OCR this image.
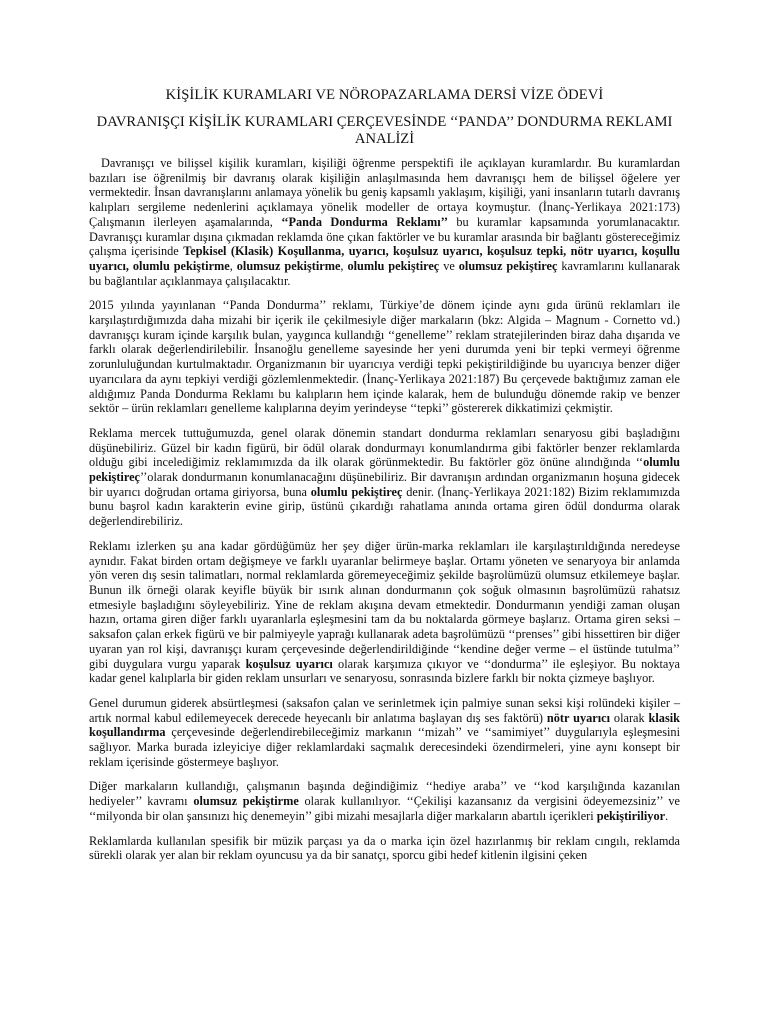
KİŞİLİK KURAMLARI VE NÖROPAZARLAMA DERSİ VİZE ÖDEVİ
DAVRANIŞÇI KİŞİLİK KURAMLARI ÇERÇEVESİNDE ‘‘PANDA’’ DONDURMA REKLAMI ANALİZİ

Davranışçı ve bilişsel kişilik kuramları, kişiliği öğrenme perspektifi ile açıklayan kuramlardır. Bu kuramlardan bazıları ise öğrenilmiş bir davranış olarak kişiliğin anlaşılmasında hem davranışçı hem de bilişsel öğelere yer vermektedir. İnsan davranışlarını anlamaya yönelik bu geniş kapsamlı yaklaşım, kişiliği, yani insanların tutarlı davranış kalıpları sergileme nedenlerini açıklamaya yönelik modeller de ortaya koymuştur. (İnanç-Yerlikaya 2021:173) Çalışmanın ilerleyen aşamalarında, ‘‘Panda Dondurma Reklamı’’ bu kuramlar kapsamında yorumlanacaktır. Davranışçı kuramlar dışına çıkmadan reklamda öne çıkan faktörler ve bu kuramlar arasında bir bağlantı göstereceğimiz çalışma içerisinde Tepkisel (Klasik) Koşullanma, uyarıcı, koşulsuz uyarıcı, koşulsuz tepki, nötr uyarıcı, koşullu uyarıcı, olumlu pekiştirme, olumsuz pekiştirme, olumlu pekiştireç ve olumsuz pekiştireç kavramlarını kullanarak bu bağlantılar açıklanmaya çalışılacaktır.

2015 yılında yayınlanan ‘‘Panda Dondurma’’ reklamı, Türkiye’de dönem içinde aynı gıda ürünü reklamları ile karşılaştırdığımızda daha mizahi bir içerik ile çekilmesiyle diğer markaların (bkz: Algida – Magnum - Cornetto vd.) davranışçı kuram içinde karşılık bulan, yaygınca kullandığı ‘‘genelleme’’ reklam stratejilerinden biraz daha dışarıda ve farklı olarak değerlendirilebilir. İnsanoğlu genelleme sayesinde her yeni durumda yeni bir tepki vermeyi öğrenme zorunluluğundan kurtulmaktadır. Organizmanın bir uyarıcıya verdiği tepki pekiştirildiğinde bu uyarıcıya benzer diğer uyarıcılara da aynı tepkiyi verdiği gözlemlenmektedir. (İnanç-Yerlikaya 2021:187) Bu çerçevede baktığımız zaman ele aldığımız Panda Dondurma Reklamı bu kalıpların hem içinde kalarak, hem de bulunduğu dönemde rakip ve benzer sektör – ürün reklamları genelleme kalıplarına deyim yerindeyse ‘‘tepki’’ göstererek dikkatimizi çekmiştir.

Reklama mercek tuttuğumuzda, genel olarak dönemin standart dondurma reklamları senaryosu gibi başladığını düşünebiliriz. Güzel bir kadın figürü, bir ödül olarak dondurmayı konumlandırma gibi faktörler benzer reklamlarda olduğu gibi incelediğimiz reklamımızda da ilk olarak görünmektedir. Bu faktörler göz önüne alındığında ‘‘olumlu pekiştireç’’olarak dondurmanın konumlanacağını düşünebiliriz. Bir davranışın ardından organizmanın hoşuna gidecek bir uyarıcı doğrudan ortama giriyorsa, buna olumlu pekiştireç denir. (İnanç-Yerlikaya 2021:182) Bizim reklamımızda bunu başrol kadın karakterin evine girip, üstünü çıkardığı rahatlama anında ortama giren ödül dondurma olarak değerlendirebiliriz.

Reklamı izlerken şu ana kadar gördüğümüz her şey diğer ürün-marka reklamları ile karşılaştırıldığında neredeyse aynıdır. Fakat birden ortam değişmeye ve farklı uyaranlar belirmeye başlar. Ortamı yöneten ve senaryoya bir anlamda yön veren dış sesin talimatları, normal reklamlarda göremeyeceğimiz şekilde başrolümüzü olumsuz etkilemeye başlar. Bunun ilk örneği olarak keyifle büyük bir ısırık alınan dondurmanın çok soğuk olmasının başrolümüzü rahatsız etmesiyle başladığını söyleyebiliriz. Yine de reklam akışına devam etmektedir. Dondurmanın yendiği zaman oluşan hazın, ortama giren diğer farklı uyaranlarla eşleşmesini tam da bu noktalarda görmeye başlarız. Ortama giren seksi – saksafon çalan erkek figürü ve bir palmiyeyle yaprağı kullanarak adeta başrolümüzü ‘‘prenses’’ gibi hissettiren bir diğer uyaran yan rol kişi, davranışçı kuram çerçevesinde değerlendirildiğinde ‘‘kendine değer verme – el üstünde tutulma’’ gibi duygulara vurgu yaparak koşulsuz uyarıcı olarak karşımıza çıkıyor ve ‘‘dondurma’’ ile eşleşiyor. Bu noktaya kadar genel kalıplarla bir giden reklam unsurları ve senaryosu, sonrasında bizlere farklı bir nokta çizmeye başlıyor.

Genel durumun giderek absürtleşmesi (saksafon çalan ve serinletmek için palmiye sunan seksi kişi rolündeki kişiler – artık normal kabul edilemeyecek derecede heyecanlı bir anlatıma başlayan dış ses faktörü) nötr uyarıcı olarak klasik koşullandırma çerçevesinde değerlendirebileceğimiz markanın ‘‘mizah’’ ve ‘‘samimiyet’’ duygularıyla eşleşmesini sağlıyor. Marka burada izleyiciye diğer reklamlardaki saçmalık derecesindeki özendirmeleri, yine aynı konsept bir reklam içerisinde göstermeye başlıyor.

Diğer markaların kullandığı, çalışmanın başında değindiğimiz ‘‘hediye araba’’ ve ‘‘kod karşılığında kazanılan hediyeler’’ kavramı olumsuz pekiştirme olarak kullanılıyor. ‘‘Çekilişi kazansanız da vergisini ödeyemezsiniz’’ ve ‘‘milyonda bir olan şansınızı hiç denemeyin’’ gibi mizahi mesajlarla diğer markaların abartılı içerikleri pekiştiriliyor.

Reklamlarda kullanılan spesifik bir müzik parçası ya da o marka için özel hazırlanmış bir reklam cıngılı, reklamda sürekli olarak yer alan bir reklam oyuncusu ya da bir sanatçı, sporcu gibi hedef kitlenin ilgisini çeken
